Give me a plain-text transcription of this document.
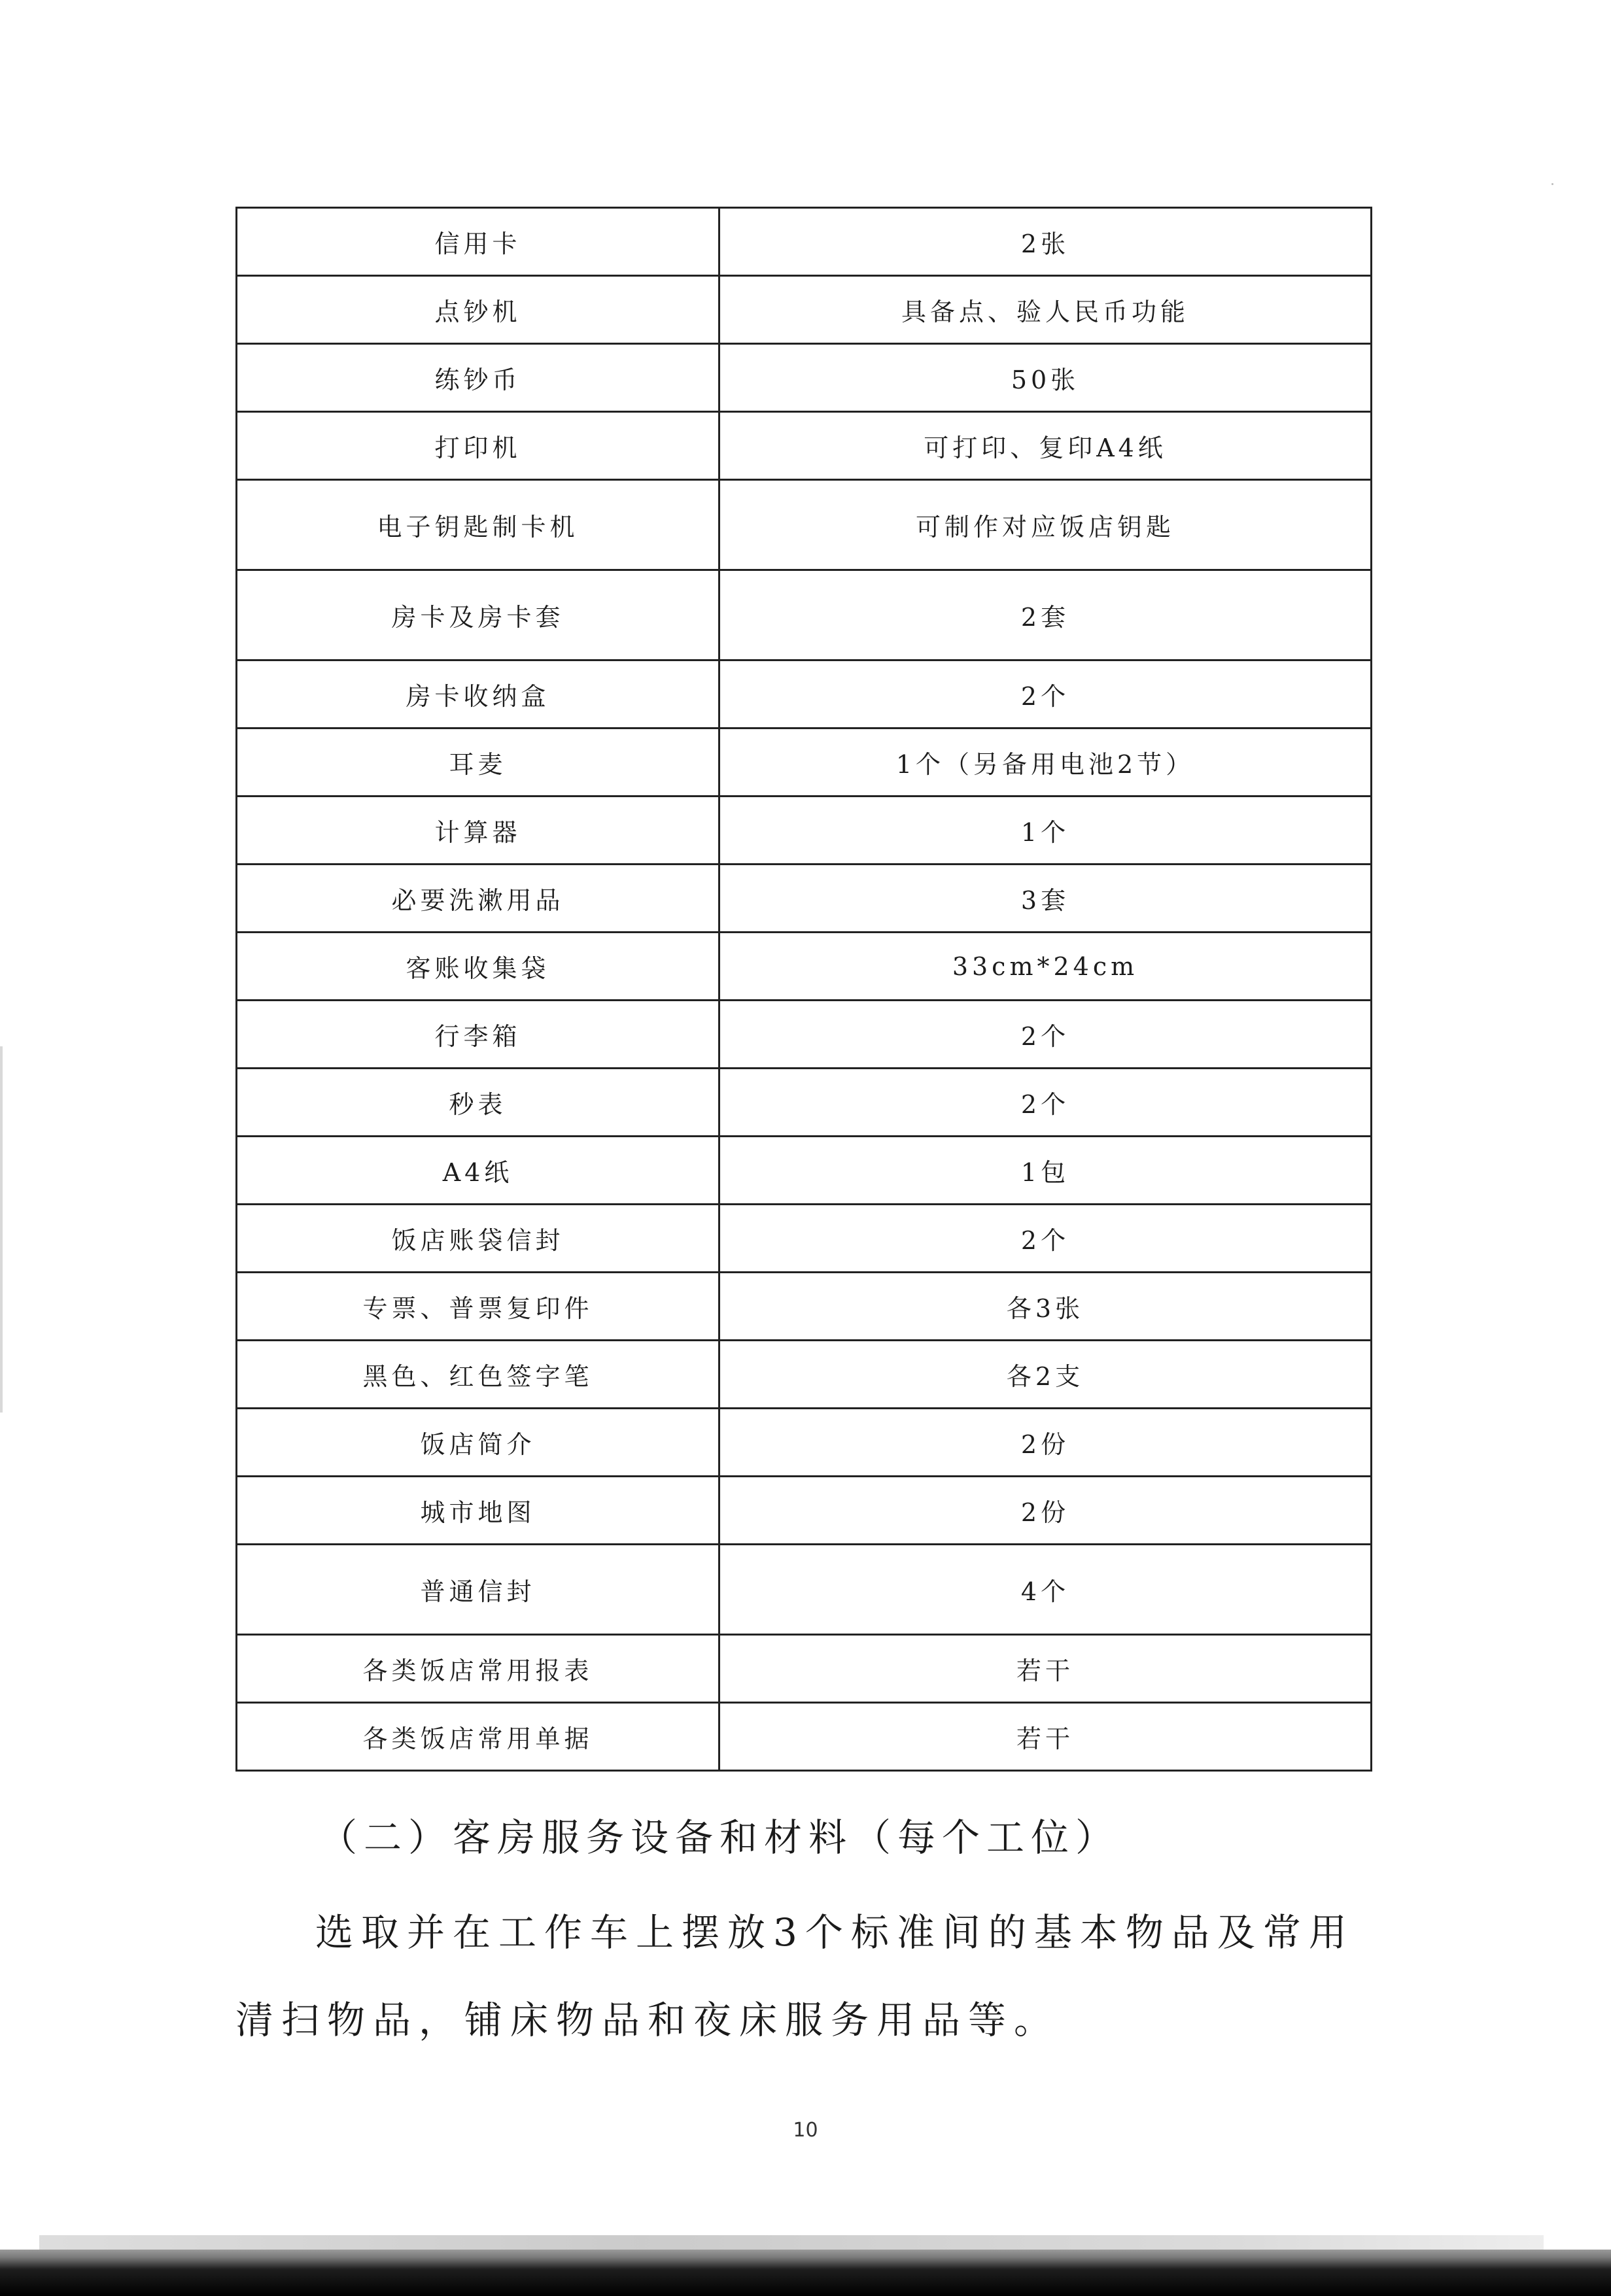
信用卡	2张
点钞机	具备点、验人民币功能
练钞币	50张
打印机	可打印、复印A4纸
电子钥匙制卡机	可制作对应饭店钥匙
房卡及房卡套	2套
房卡收纳盒	2个
耳麦	1个（另备用电池2节）
计算器	1个
必要洗漱用品	3套
客账收集袋	33cm*24cm
行李箱	2个
秒表	2个
A4纸	1包
饭店账袋信封	2个
专票、普票复印件	各3张
黑色、红色签字笔	各2支
饭店简介	2份
城市地图	2份
普通信封	4个
各类饭店常用报表	若干
各类饭店常用单据	若干
（二）客房服务设备和材料（每个工位）
选取并在工作车上摆放3个标准间的基本物品及常用清扫物品，铺床物品和夜床服务用品等。
10
